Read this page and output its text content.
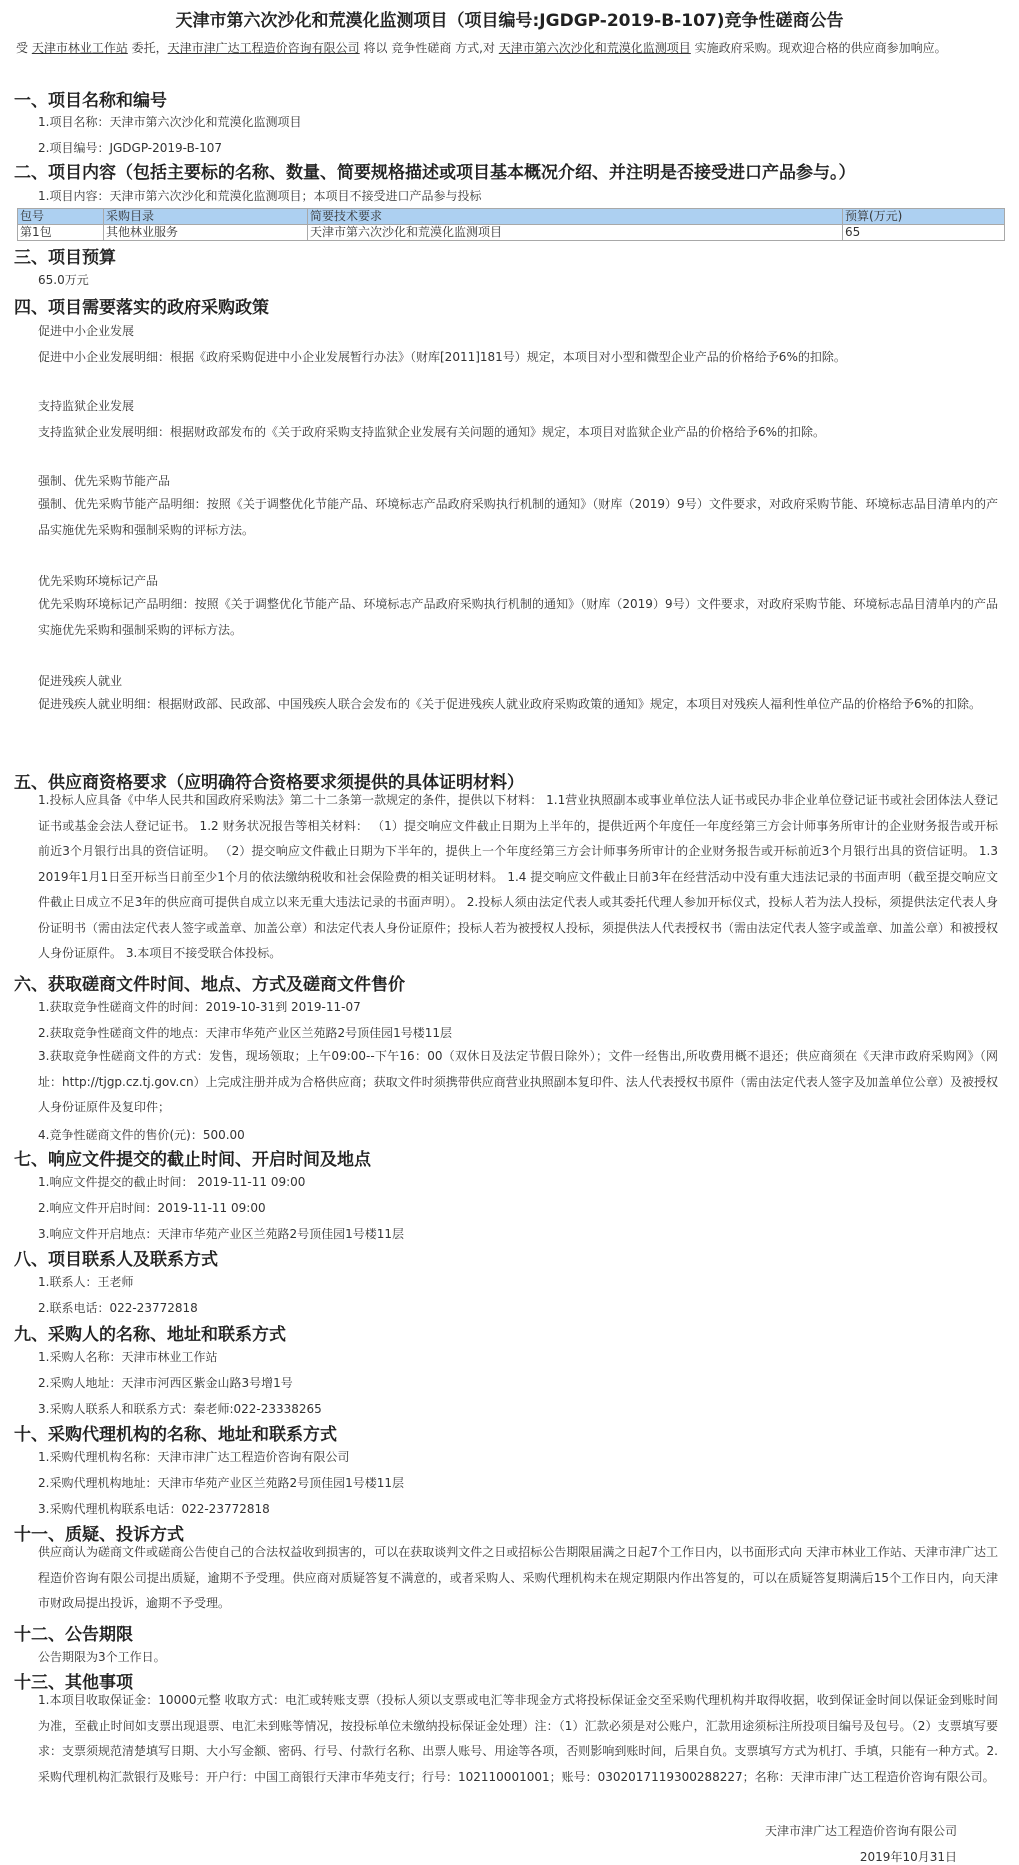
天津市第六次沙化和荒漠化监测项目（项目编号:JGDGP-2019-B-107)竞争性磋商公告
受 天津市林业工作站 委托，天津市津广达工程造价咨询有限公司 将以 竞争性磋商 方式,对 天津市第六次沙化和荒漠化监测项目 实施政府采购。现欢迎合格的供应商参加响应。
一、项目名称和编号
1.项目名称：天津市第六次沙化和荒漠化监测项目
2.项目编号：JGDGP-2019-B-107
二、项目内容（包括主要标的名称、数量、简要规格描述或项目基本概况介绍、并注明是否接受进口产品参与。）
1.项目内容：天津市第六次沙化和荒漠化监测项目；本项目不接受进口产品参与投标
包号	采购目录	简要技术要求	预算(万元)
第1包	其他林业服务	天津市第六次沙化和荒漠化监测项目	65
三、项目预算
65.0万元
四、项目需要落实的政府采购政策
促进中小企业发展
促进中小企业发展明细：根据《政府采购促进中小企业发展暂行办法》（财库[2011]181号）规定，本项目对小型和微型企业产品的价格给予6%的扣除。
支持监狱企业发展
支持监狱企业发展明细：根据财政部发布的《关于政府采购支持监狱企业发展有关问题的通知》规定，本项目对监狱企业产品的价格给予6%的扣除。
强制、优先采购节能产品
强制、优先采购节能产品明细：按照《关于调整优化节能产品、环境标志产品政府采购执行机制的通知》（财库（2019）9号）文件要求，对政府采购节能、环境标志品目清单内的产品实施优先采购和强制采购的评标方法。
优先采购环境标记产品
优先采购环境标记产品明细：按照《关于调整优化节能产品、环境标志产品政府采购执行机制的通知》（财库（2019）9号）文件要求，对政府采购节能、环境标志品目清单内的产品实施优先采购和强制采购的评标方法。
促进残疾人就业
促进残疾人就业明细：根据财政部、民政部、中国残疾人联合会发布的《关于促进残疾人就业政府采购政策的通知》规定，本项目对残疾人福利性单位产品的价格给予6%的扣除。
五、供应商资格要求（应明确符合资格要求须提供的具体证明材料）
1.投标人应具备《中华人民共和国政府采购法》第二十二条第一款规定的条件，提供以下材料： 1.1营业执照副本或事业单位法人证书或民办非企业单位登记证书或社会团体法人登记证书或基金会法人登记证书。 1.2 财务状况报告等相关材料： （1）提交响应文件截止日期为上半年的，提供近两个年度任一年度经第三方会计师事务所审计的企业财务报告或开标前近3个月银行出具的资信证明。 （2）提交响应文件截止日期为下半年的，提供上一个年度经第三方会计师事务所审计的企业财务报告或开标前近3个月银行出具的资信证明。 1.3 2019年1月1日至开标当日前至少1个月的依法缴纳税收和社会保险费的相关证明材料。 1.4 提交响应文件截止日前3年在经营活动中没有重大违法记录的书面声明（截至提交响应文件截止日成立不足3年的供应商可提供自成立以来无重大违法记录的书面声明）。 2.投标人须由法定代表人或其委托代理人参加开标仪式，投标人若为法人投标，须提供法定代表人身份证明书（需由法定代表人签字或盖章、加盖公章）和法定代表人身份证原件；投标人若为被授权人投标，须提供法人代表授权书（需由法定代表人签字或盖章、加盖公章）和被授权人身份证原件。 3.本项目不接受联合体投标。
六、获取磋商文件时间、地点、方式及磋商文件售价
1.获取竞争性磋商文件的时间：2019-10-31到 2019-11-07
2.获取竞争性磋商文件的地点：天津市华苑产业区兰苑路2号顶佳园1号楼11层
3.获取竞争性磋商文件的方式：发售，现场领取；上午09:00--下午16：00（双休日及法定节假日除外）；文件一经售出,所收费用概不退还；供应商须在《天津市政府采购网》（网址：http://tjgp.cz.tj.gov.cn）上完成注册并成为合格供应商；获取文件时须携带供应商营业执照副本复印件、法人代表授权书原件（需由法定代表人签字及加盖单位公章）及被授权人身份证原件及复印件；
4.竞争性磋商文件的售价(元)：500.00
七、响应文件提交的截止时间、开启时间及地点
1.响应文件提交的截止时间： 2019-11-11 09:00
2.响应文件开启时间：2019-11-11 09:00
3.响应文件开启地点：天津市华苑产业区兰苑路2号顶佳园1号楼11层
八、项目联系人及联系方式
1.联系人：王老师
2.联系电话：022-23772818
九、采购人的名称、地址和联系方式
1.采购人名称：天津市林业工作站
2.采购人地址：天津市河西区紫金山路3号增1号
3.采购人联系人和联系方式：秦老师:022-23338265
十、采购代理机构的名称、地址和联系方式
1.采购代理机构名称：天津市津广达工程造价咨询有限公司
2.采购代理机构地址：天津市华苑产业区兰苑路2号顶佳园1号楼11层
3.采购代理机构联系电话：022-23772818
十一、质疑、投诉方式
供应商认为磋商文件或磋商公告使自己的合法权益收到损害的，可以在获取谈判文件之日或招标公告期限届满之日起7个工作日内，以书面形式向 天津市林业工作站、天津市津广达工程造价咨询有限公司提出质疑，逾期不予受理。供应商对质疑答复不满意的，或者采购人、采购代理机构未在规定期限内作出答复的，可以在质疑答复期满后15个工作日内，向天津市财政局提出投诉，逾期不予受理。
十二、公告期限
公告期限为3个工作日。
十三、其他事项
1.本项目收取保证金：10000元整 收取方式：电汇或转账支票（投标人须以支票或电汇等非现金方式将投标保证金交至采购代理机构并取得收据，收到保证金时间以保证金到账时间为准，至截止时间如支票出现退票、电汇未到账等情况，按投标单位未缴纳投标保证金处理）注：（1）汇款必须是对公账户，汇款用途须标注所投项目编号及包号。（2）支票填写要求：支票须规范清楚填写日期、大小写金额、密码、行号、付款行名称、出票人账号、用途等各项，否则影响到账时间，后果自负。支票填写方式为机打、手填，只能有一种方式。2.采购代理机构汇款银行及账号：开户行：中国工商银行天津市华苑支行；行号：102110001001；账号：0302017119300288227；名称：天津市津广达工程造价咨询有限公司。
天津市津广达工程造价咨询有限公司
2019年10月31日
